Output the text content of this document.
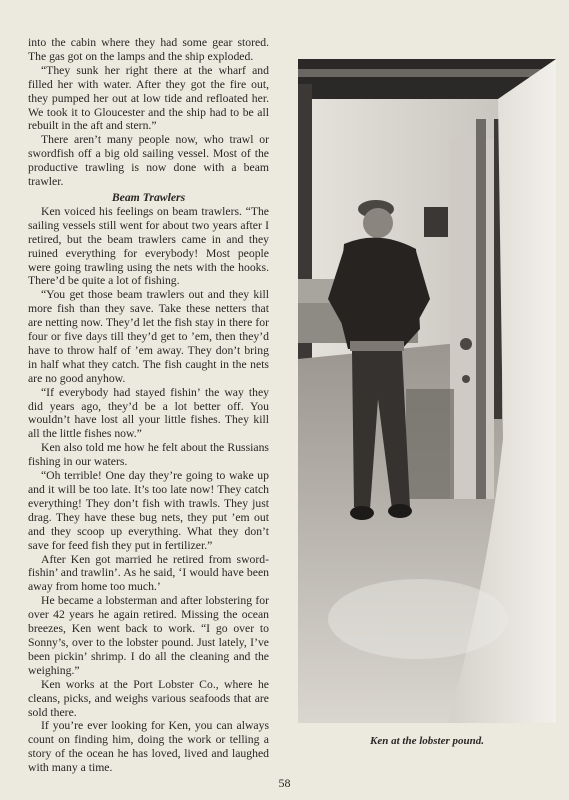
into the cabin where they had some gear stored. The gas got on the lamps and the ship exploded.

“They sunk her right there at the wharf and filled her with water. After they got the fire out, they pumped her out at low tide and refloated her. We took it to Gloucester and the ship had to be all rebuilt in the aft and stern.”

There aren’t many people now, who trawl or swordfish off a big old sailing vessel. Most of the productive trawling is now done with a beam trawler.

Beam Trawlers

Ken voiced his feelings on beam trawlers. “The sailing vessels still went for about two years after I retired, but the beam trawlers came in and they ruined everything for everybody! Most people were going trawling using the nets with the hooks. There’d be quite a lot of fishing.

“You get those beam trawlers out and they kill more fish than they save. Take these netters that are netting now. They’d let the fish stay in there for four or five days till they’d get to ’em, then they’d have to throw half of ’em away. They don’t bring in half what they catch. The fish caught in the nets are no good anyhow.

“If everybody had stayed fishin’ the way they did years ago, they’d be a lot better off. You wouldn’t have lost all your little fishes. They kill all the little fishes now.”

Ken also told me how he felt about the Russians fishing in our waters.

“Oh terrible! One day they’re going to wake up and it will be too late. It’s too late now! They catch everything! They don’t fish with trawls. They just drag. They have these bug nets, they put ’em out and they scoop up everything. What they don’t save for feed fish they put in fertilizer.”

After Ken got married he retired from sword-fishin’ and trawlin’. As he said, ‘I would have been away from home too much.’

He became a lobsterman and after lobstering for over 42 years he again retired. Missing the ocean breezes, Ken went back to work. “I go over to Sonny’s, over to the lobster pound. Just lately, I’ve been pickin’ shrimp. I do all the cleaning and the weighing.”

Ken works at the Port Lobster Co., where he cleans, picks, and weighs various seafoods that are sold there.

If you’re ever looking for Ken, you can always count on finding him, doing the work or telling a story of the ocean he has loved, lived and laughed with many a time.

Ken at the lobster pound.
58
